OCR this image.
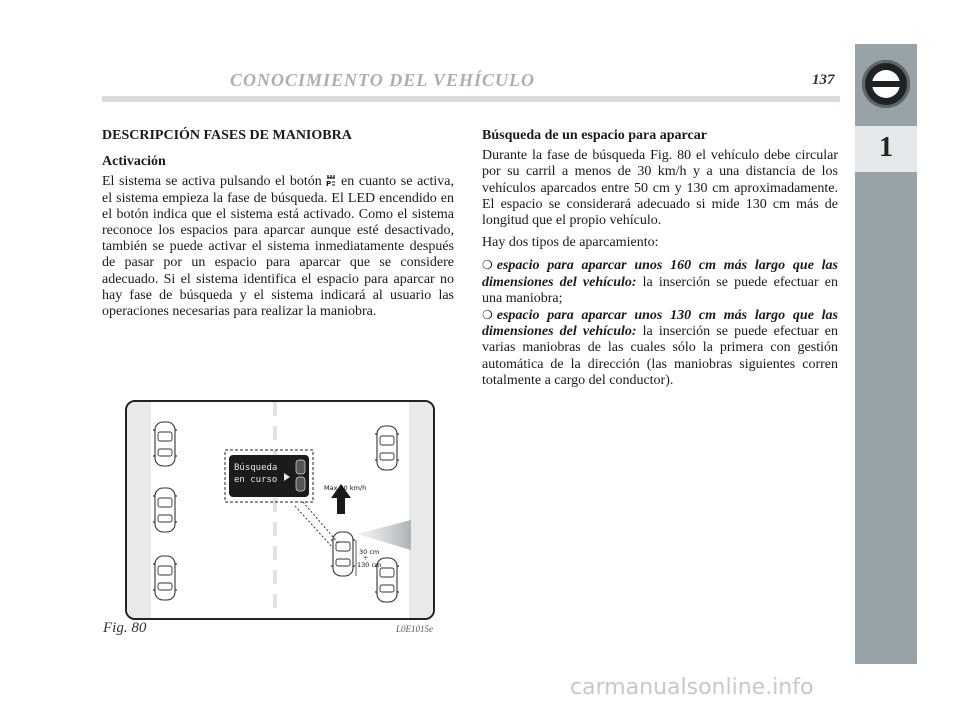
CONOCIMIENTO DEL VEHÍCULO	137
1
DESCRIPCIÓN FASES DE MANIOBRA
Activación

El sistema se activa pulsando el botón P en cuanto se activa, el sistema empieza la fase de búsqueda. El LED encendido en el botón indica que el sistema está activado. Como el sistema reconoce los espacios para aparcar aunque esté desactivado, también se puede activar el sistema inmediatamente después de pasar por un espacio para aparcar que se considere adecuado. Si el sistema identifica el espacio para aparcar no hay fase de búsqueda y el sistema indicará al usuario las operaciones necesarias para realizar la maniobra.

Búsqueda de un espacio para aparcar

Durante la fase de búsqueda Fig. 80 el vehículo debe circular por su carril a menos de 30 km/h y a una distancia de los vehículos aparcados entre 50 cm y 130 cm aproximadamente. El espacio se considerará adecuado si mide 130 cm más de longitud que el propio vehículo.

Hay dos tipos de aparcamiento:

❍ espacio para aparcar unos 160 cm más largo que las dimensiones del vehículo: la inserción se puede efectuar en una maniobra;
❍ espacio para aparcar unos 130 cm más largo que las dimensiones del vehículo: la inserción se puede efectuar en varias maniobras de las cuales sólo la primera con gestión automática de la dirección (las maniobras siguientes corren totalmente a cargo del conductor).
Max 30 km/h
Búsqueda
en curso
30 cm
÷
130 cm
Fig. 80	L0E1015e
carmanualsonline.info
